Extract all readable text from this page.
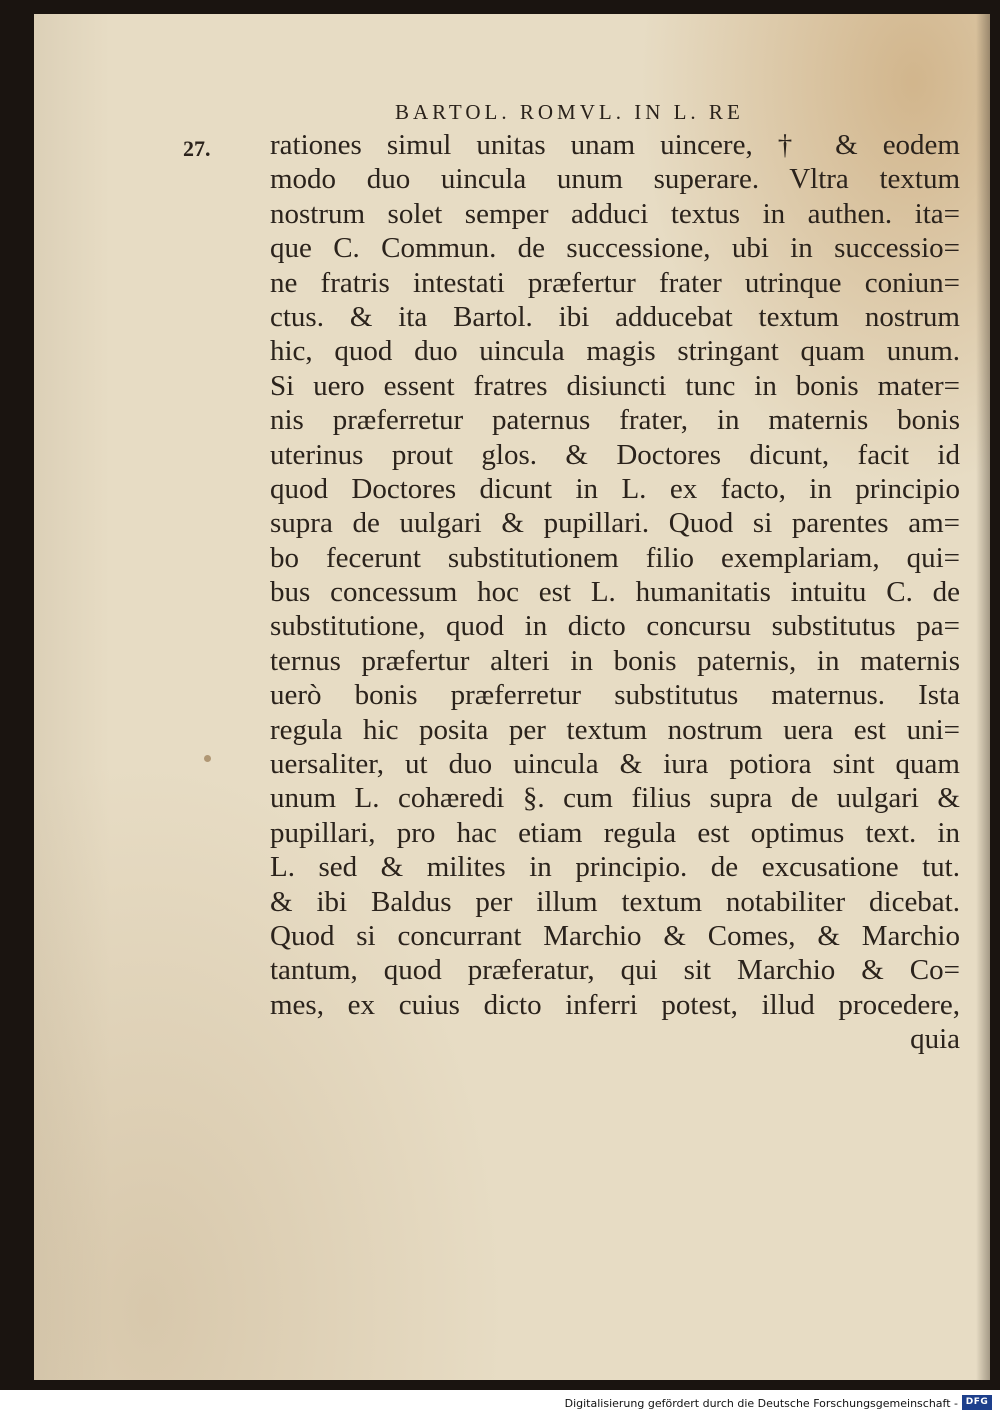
BARTOL. ROMVL. IN L. RE
27. rationes simul unitas unam uincere, † & eodem
modo duo uincula unum superare. Vltra textum
nostrum solet semper adduci textus in authen. ita=
que C. Commun. de successione, ubi in successio=
ne fratris intestati præfertur frater utrinque coniun=
ctus. & ita Bartol. ibi adducebat textum nostrum
hic, quod duo uincula magis stringant quam unum.
Si uero essent fratres disiuncti tunc in bonis mater=
nis præferretur paternus frater, in maternis bonis
uterinus prout glos. & Doctores dicunt, facit id
quod Doctores dicunt in L. ex facto, in principio
supra de uulgari & pupillari. Quod si parentes am=
bo fecerunt substitutionem filio exemplariam, qui=
bus concessum hoc est L. humanitatis intuitu C. de
substitutione, quod in dicto concursu substitutus pa=
ternus præfertur alteri in bonis paternis, in maternis
uerò bonis præferretur substitutus maternus. Ista
regula hic posita per textum nostrum uera est uni=
uersaliter, ut duo uincula & iura potiora sint quam
unum L. cohæredi §. cum filius supra de uulgari &
pupillari, pro hac etiam regula est optimus text. in
L. sed & milites in principio. de excusatione tut.
& ibi Baldus per illum textum notabiliter dicebat.
Quod si concurrant Marchio & Comes, & Marchio
tantum, quod præferatur, qui sit Marchio & Co=
mes, ex cuius dicto inferri potest, illud procedere,
quia
Digitalisierung gefördert durch die Deutsche Forschungsgemeinschaft - DFG
